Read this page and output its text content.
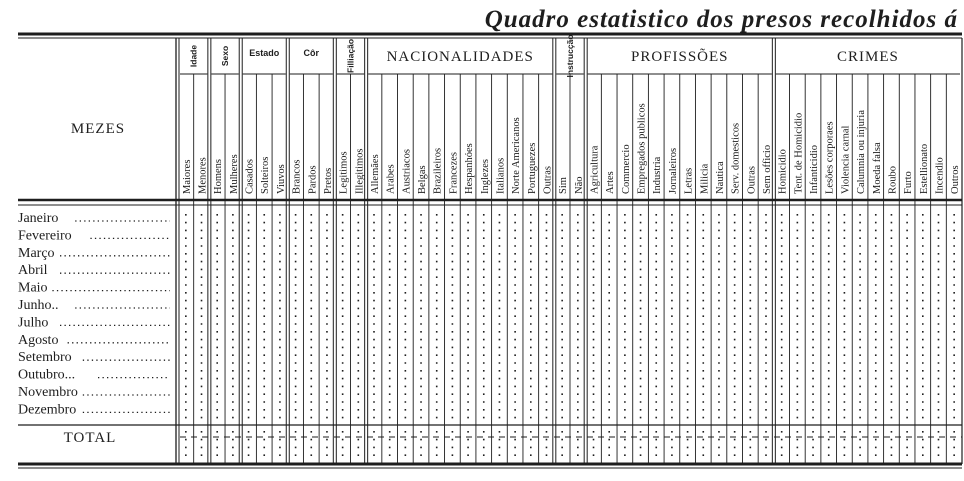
Quadro estatistico dos presos recolhidos á
MEZES
TOTAL
Idade
Maiores Menores
Sexo
Homens Mulheres
Estado
Casados Solteiros Viuvos
Côr
Brancos Pardos Pretos
Filliação
Legitimos Illegitimos
NACIONALIDADES
Allemães Arabes Austriacos Belgas Brazileiros Francezes Hespanhóes Inglezes Italianos Norte Americanos Portuguezes Outras
Instrucção
Sim Não
PROFISSÕES
Agricultura Artes Commercio Empregados publicos Industria Jornaleiros Letras Milicia Nautica Serv. domesticos Outras Sem officio
CRIMES
Homicidio Tent. de Homicidio Infanticidio Lesões corporaes Violencia carnal Calumnia ou injuria Moeda falsa Roubo Furto Estellionato Incendio Outros
Janeiro
Fevereiro
Março
Abril
Maio
Junho..
Julho
Agosto
Setembro
Outubro...
Novembro
Dezembro
